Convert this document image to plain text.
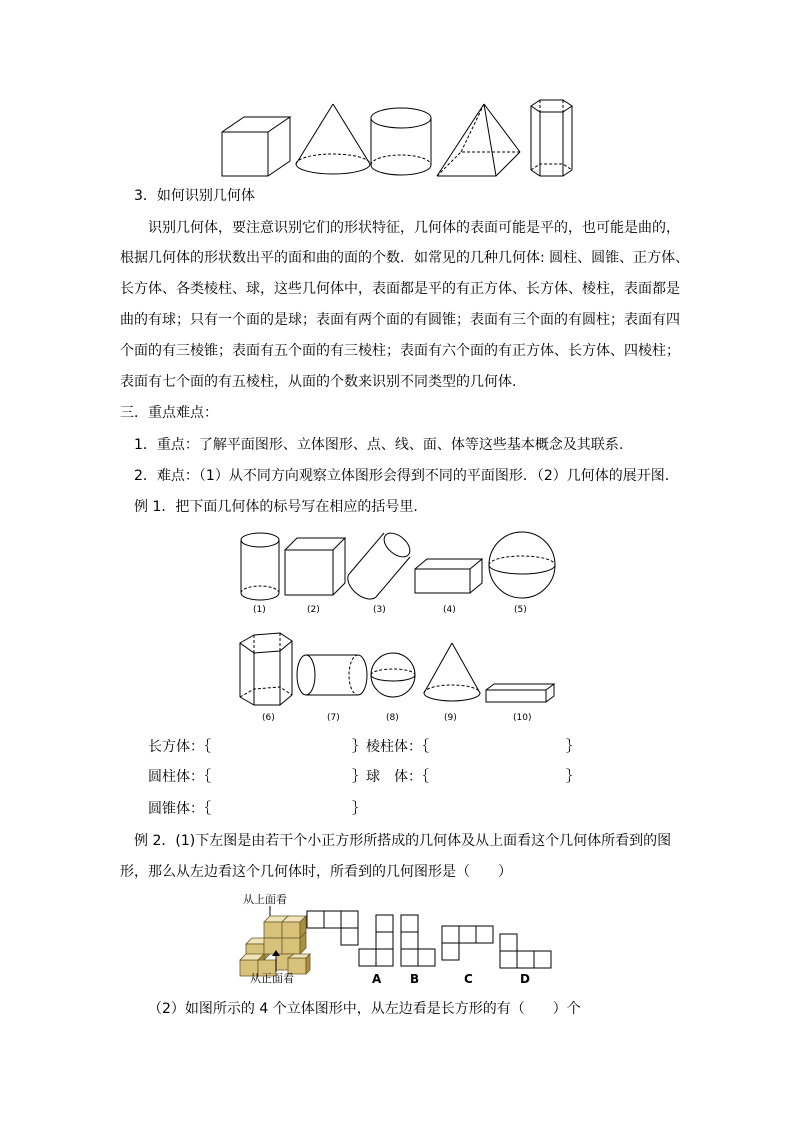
3．如何识别几何体
识别几何体，要注意识别它们的形状特征，几何体的表面可能是平的，也可能是曲的，
根据几何体的形状数出平的面和曲的面的个数．如常见的几种几何体: 圆柱、圆锥、正方体、
长方体、各类棱柱、球，这些几何体中，表面都是平的有正方体、长方体、棱柱，表面都是
曲的有球；只有一个面的是球；表面有两个面的有圆锥；表面有三个面的有圆柱；表面有四
个面的有三棱锥；表面有五个面的有三棱柱；表面有六个面的有正方体、长方体、四棱柱；
表面有七个面的有五棱柱，从面的个数来识别不同类型的几何体.
三．重点难点：
1．重点：了解平面图形、立体图形、点、线、面、体等这些基本概念及其联系.
2．难点：（1）从不同方向观察立体图形会得到不同的平面图形．（2）几何体的展开图.
例 1．把下面几何体的标号写在相应的括号里.
(1)	(2)	(3)	(4)	(5)
(6)	(7)	(8)	(9)	(10)
长方体：｛	｝棱柱体：｛	｝
圆柱体：｛	｝球　体：｛	｝
圆锥体：｛	｝
例 2．(1)下左图是由若干个小正方形所搭成的几何体及从上面看这个几何体所看到的图
形，那么从左边看这个几何体时，所看到的几何图形是（　　）
从上面看
从正面看	A B	C	D
（2）如图所示的 4 个立体图形中，从左边看是长方形的有（　　）个
